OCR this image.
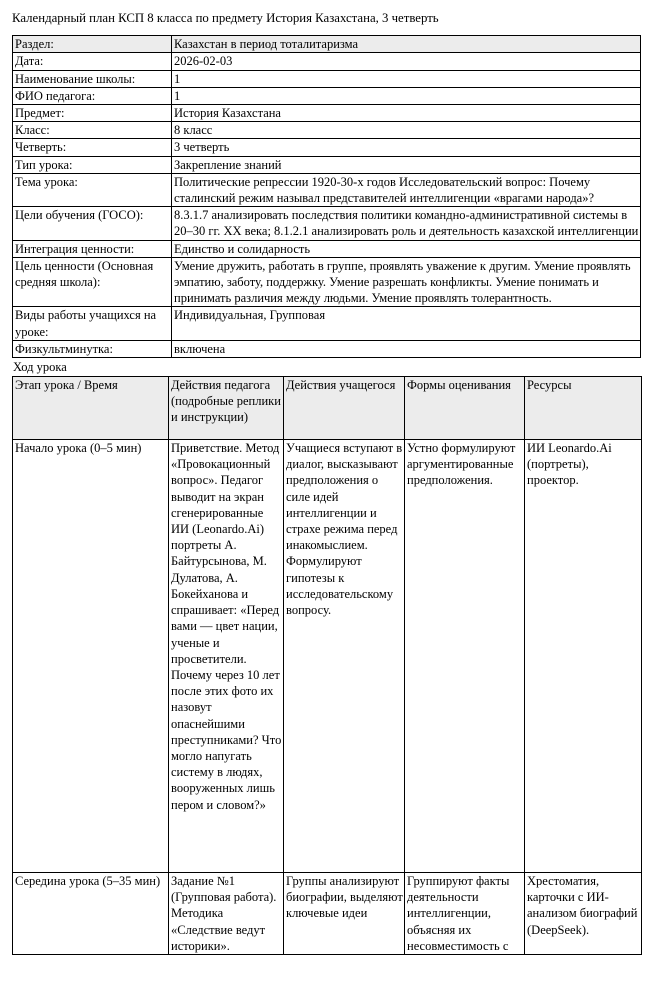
Календарный план КСП 8 класса по предмету История Казахстана, 3 четверть
Раздел:	Казахстан в период тоталитаризма
Дата:	2026-02-03
Наименование школы:	1
ФИО педагога:	1
Предмет:	История Казахстана
Класс:	8 класс
Четверть:	3 четверть
Тип урока:	Закрепление знаний
Тема урока:	Политические репрессии 1920-30-х годов Исследовательский вопрос: Почему сталинский режим называл представителей интеллигенции «врагами народа»?
Цели обучения (ГОСО):	8.3.1.7 анализировать последствия политики командно-административной системы в 20–30 гг. XX века; 8.1.2.1 анализировать роль и деятельность казахской интеллигенции
Интеграция ценности:	Единство и солидарность
Цель ценности (Основная средняя школа):	Умение дружить, работать в группе, проявлять уважение к другим. Умение проявлять эмпатию, заботу, поддержку. Умение разрешать конфликты. Умение понимать и принимать различия между людьми. Умение проявлять толерантность.
Виды работы учащихся на уроке:	Индивидуальная, Групповая
Физкультминутка:	включена
Ход урока
Этап урока / Время	Действия педагога (подробные реплики и инструкции)	Действия учащегося	Формы оценивания	Ресурсы
Начало урока (0–5 мин)	Приветствие. Метод «Провокационный вопрос». Педагог выводит на экран сгенерированные ИИ (Leonardo.Ai) портреты А. Байтурсынова, М. Дулатова, А. Бокейханова и спрашивает: «Перед вами — цвет нации, ученые и просветители. Почему через 10 лет после этих фото их назовут опаснейшими преступниками? Что могло напугать систему в людях, вооруженных лишь пером и словом?»	Учащиеся вступают в диалог, высказывают предположения о силе идей интеллигенции и страхе режима перед инакомыслием. Формулируют гипотезы к исследовательскому вопросу.	Устно формулируют аргументированные предположения.	ИИ Leonardo.Ai (портреты), проектор.
Середина урока (5–35 мин)	Задание №1 (Групповая работа). Методика «Следствие ведут историки».	Группы анализируют биографии, выделяют ключевые идеи	Группируют факты деятельности интеллигенции, объясняя их несовместимость с	Хрестоматия, карточки с ИИ-анализом биографий (DeepSeek).
